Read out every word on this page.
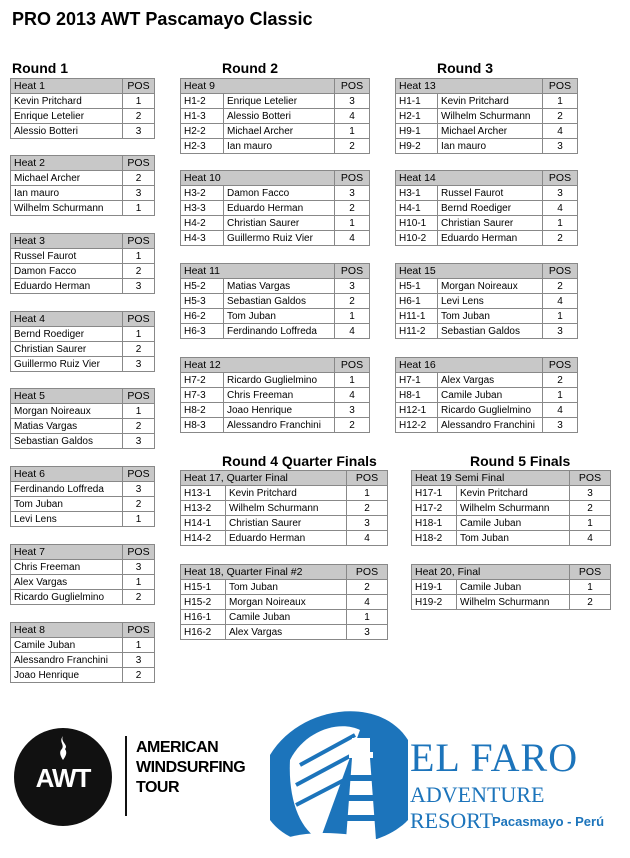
PRO 2013 AWT Pascamayo Classic
Round 1	Round 2	Round 3
Round 4 Quarter Finals	Round 5 Finals
Heat 1	POS
Kevin Pritchard	1
Enrique Letelier	2
Alessio Botteri	3
Heat 2	POS
Michael Archer	2
Ian mauro	3
Wilhelm Schurmann	1
Heat 3	POS
Russel Faurot	1
Damon Facco	2
Eduardo Herman	3
Heat 4	POS
Bernd Roediger	1
Christian Saurer	2
Guillermo Ruiz Vier	3
Heat 5	POS
Morgan Noireaux	1
Matias Vargas	2
Sebastian Galdos	3
Heat 6	POS
Ferdinando Loffreda	3
Tom Juban	2
Levi Lens	1
Heat 7	POS
Chris Freeman	3
Alex Vargas	1
Ricardo Guglielmino	2
Heat 8	POS
Camile Juban	1
Alessandro Franchini	3
Joao Henrique	2
Heat 9		POS
H1-2	Enrique Letelier	3
H1-3	Alessio Botteri	4
H2-2	Michael Archer	1
H2-3	Ian mauro	2
Heat 10		POS
H3-2	Damon Facco	3
H3-3	Eduardo Herman	2
H4-2	Christian Saurer	1
H4-3	Guillermo Ruiz Vier	4
Heat 11		POS
H5-2	Matias Vargas	3
H5-3	Sebastian Galdos	2
H6-2	Tom Juban	1
H6-3	Ferdinando Loffreda	4
Heat 12		POS
H7-2	Ricardo Guglielmino	1
H7-3	Chris Freeman	4
H8-2	Joao Henrique	3
H8-3	Alessandro Franchini	2
Heat 13		POS
H1-1	Kevin Pritchard	1
H2-1	Wilhelm Schurmann	2
H9-1	Michael Archer	4
H9-2	Ian mauro	3
Heat 14		POS
H3-1	Russel Faurot	3
H4-1	Bernd Roediger	4
H10-1	Christian Saurer	1
H10-2	Eduardo Herman	2
Heat 15		POS
H5-1	Morgan Noireaux	2
H6-1	Levi Lens	4
H11-1	Tom Juban	1
H11-2	Sebastian Galdos	3
Heat 16		POS
H7-1	Alex Vargas	2
H8-1	Camile Juban	1
H12-1	Ricardo Guglielmino	4
H12-2	Alessandro Franchini	3
Heat 17, Quarter Final		POS
H13-1	Kevin Pritchard	1
H13-2	Wilhelm Schurmann	2
H14-1	Christian Saurer	3
H14-2	Eduardo Herman	4
Heat 18, Quarter Final #2		POS
H15-1	Tom Juban	2
H15-2	Morgan Noireaux	4
H16-1	Camile Juban	1
H16-2	Alex Vargas	3
Heat 19 Semi Final		POS
H17-1	Kevin Pritchard	3
H17-2	Wilhelm Schurmann	2
H18-1	Camile Juban	1
H18-2	Tom Juban	4
Heat 20, Final		POS
H19-1	Camile Juban	1
H19-2	Wilhelm Schurmann	2
AWT
AMERICAN
WINDSURFING
TOUR
EL FARO
ADVENTURE RESORT
Pacasmayo - Perú
